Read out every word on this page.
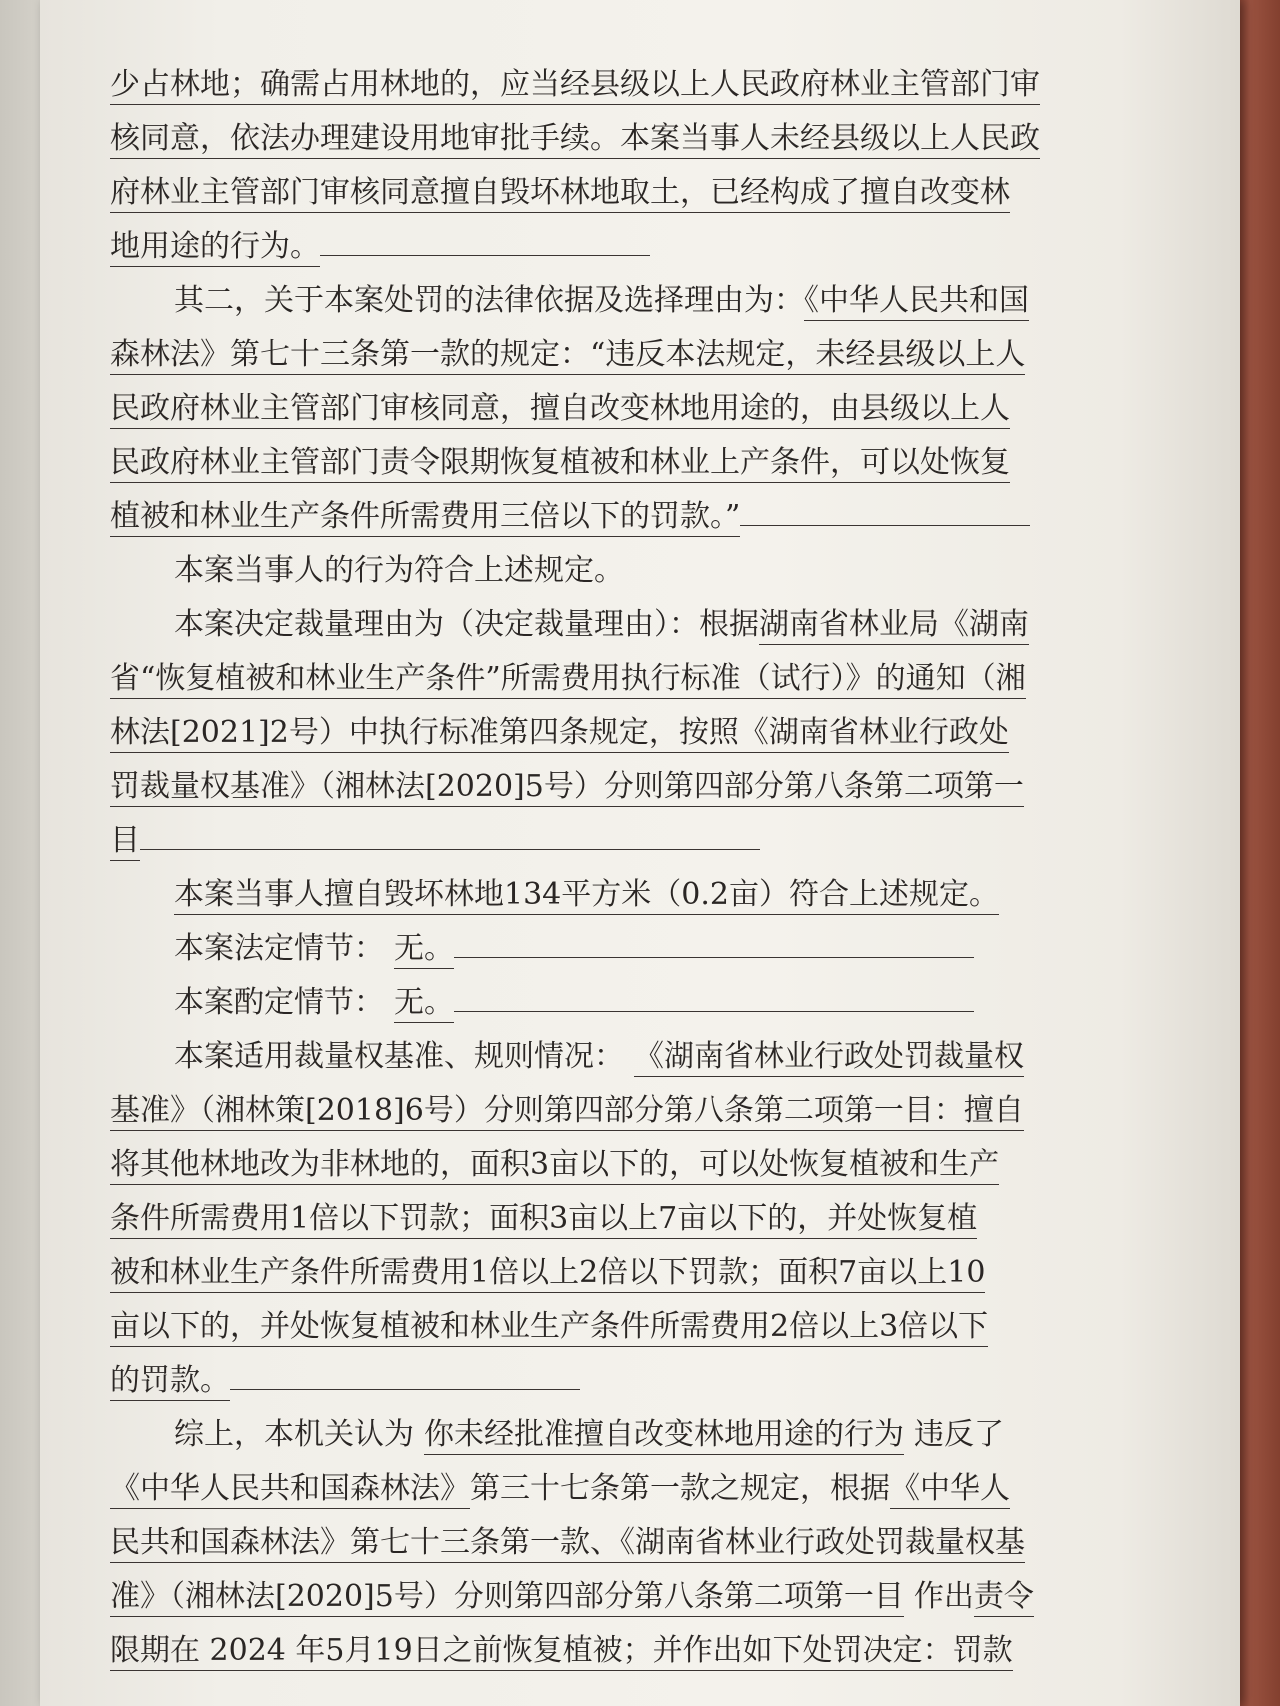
少占林地；确需占用林地的，应当经县级以上人民政府林业主管部门审
核同意，依法办理建设用地审批手续。本案当事人未经县级以上人民政
府林业主管部门审核同意擅自毁坏林地取土，已经构成了擅自改变林
地用途的行为。
其二，关于本案处罚的法律依据及选择理由为：《中华人民共和国
森林法》第七十三条第一款的规定：“违反本法规定，未经县级以上人
民政府林业主管部门审核同意，擅自改变林地用途的，由县级以上人
民政府林业主管部门责令限期恢复植被和林业上产条件，可以处恢复
植被和林业生产条件所需费用三倍以下的罚款。”
本案当事人的行为符合上述规定。
本案决定裁量理由为（决定裁量理由）：根据湖南省林业局《湖南
省“恢复植被和林业生产条件”所需费用执行标准（试行）》的通知（湘
林法[2021]2号）中执行标准第四条规定，按照《湖南省林业行政处
罚裁量权基准》（湘林法[2020]5号）分则第四部分第八条第二项第一
目
本案当事人擅自毁坏林地134平方米（0.2亩）符合上述规定。
本案法定情节： 无。
本案酌定情节： 无。
本案适用裁量权基准、规则情况： 《湖南省林业行政处罚裁量权
基准》（湘林策[2018]6号）分则第四部分第八条第二项第一目：擅自
将其他林地改为非林地的，面积3亩以下的，可以处恢复植被和生产
条件所需费用1倍以下罚款；面积3亩以上7亩以下的，并处恢复植
被和林业生产条件所需费用1倍以上2倍以下罚款；面积7亩以上10
亩以下的，并处恢复植被和林业生产条件所需费用2倍以上3倍以下
的罚款。
综上，本机关认为 你未经批准擅自改变林地用途的行为 违反了
《中华人民共和国森林法》第三十七条第一款之规定，根据《中华人
民共和国森林法》第七十三条第一款、《湖南省林业行政处罚裁量权基
准》（湘林法[2020]5号）分则第四部分第八条第二项第一目 作出责令
限期在 2024 年5月19日之前恢复植被；并作出如下处罚决定：罚款
